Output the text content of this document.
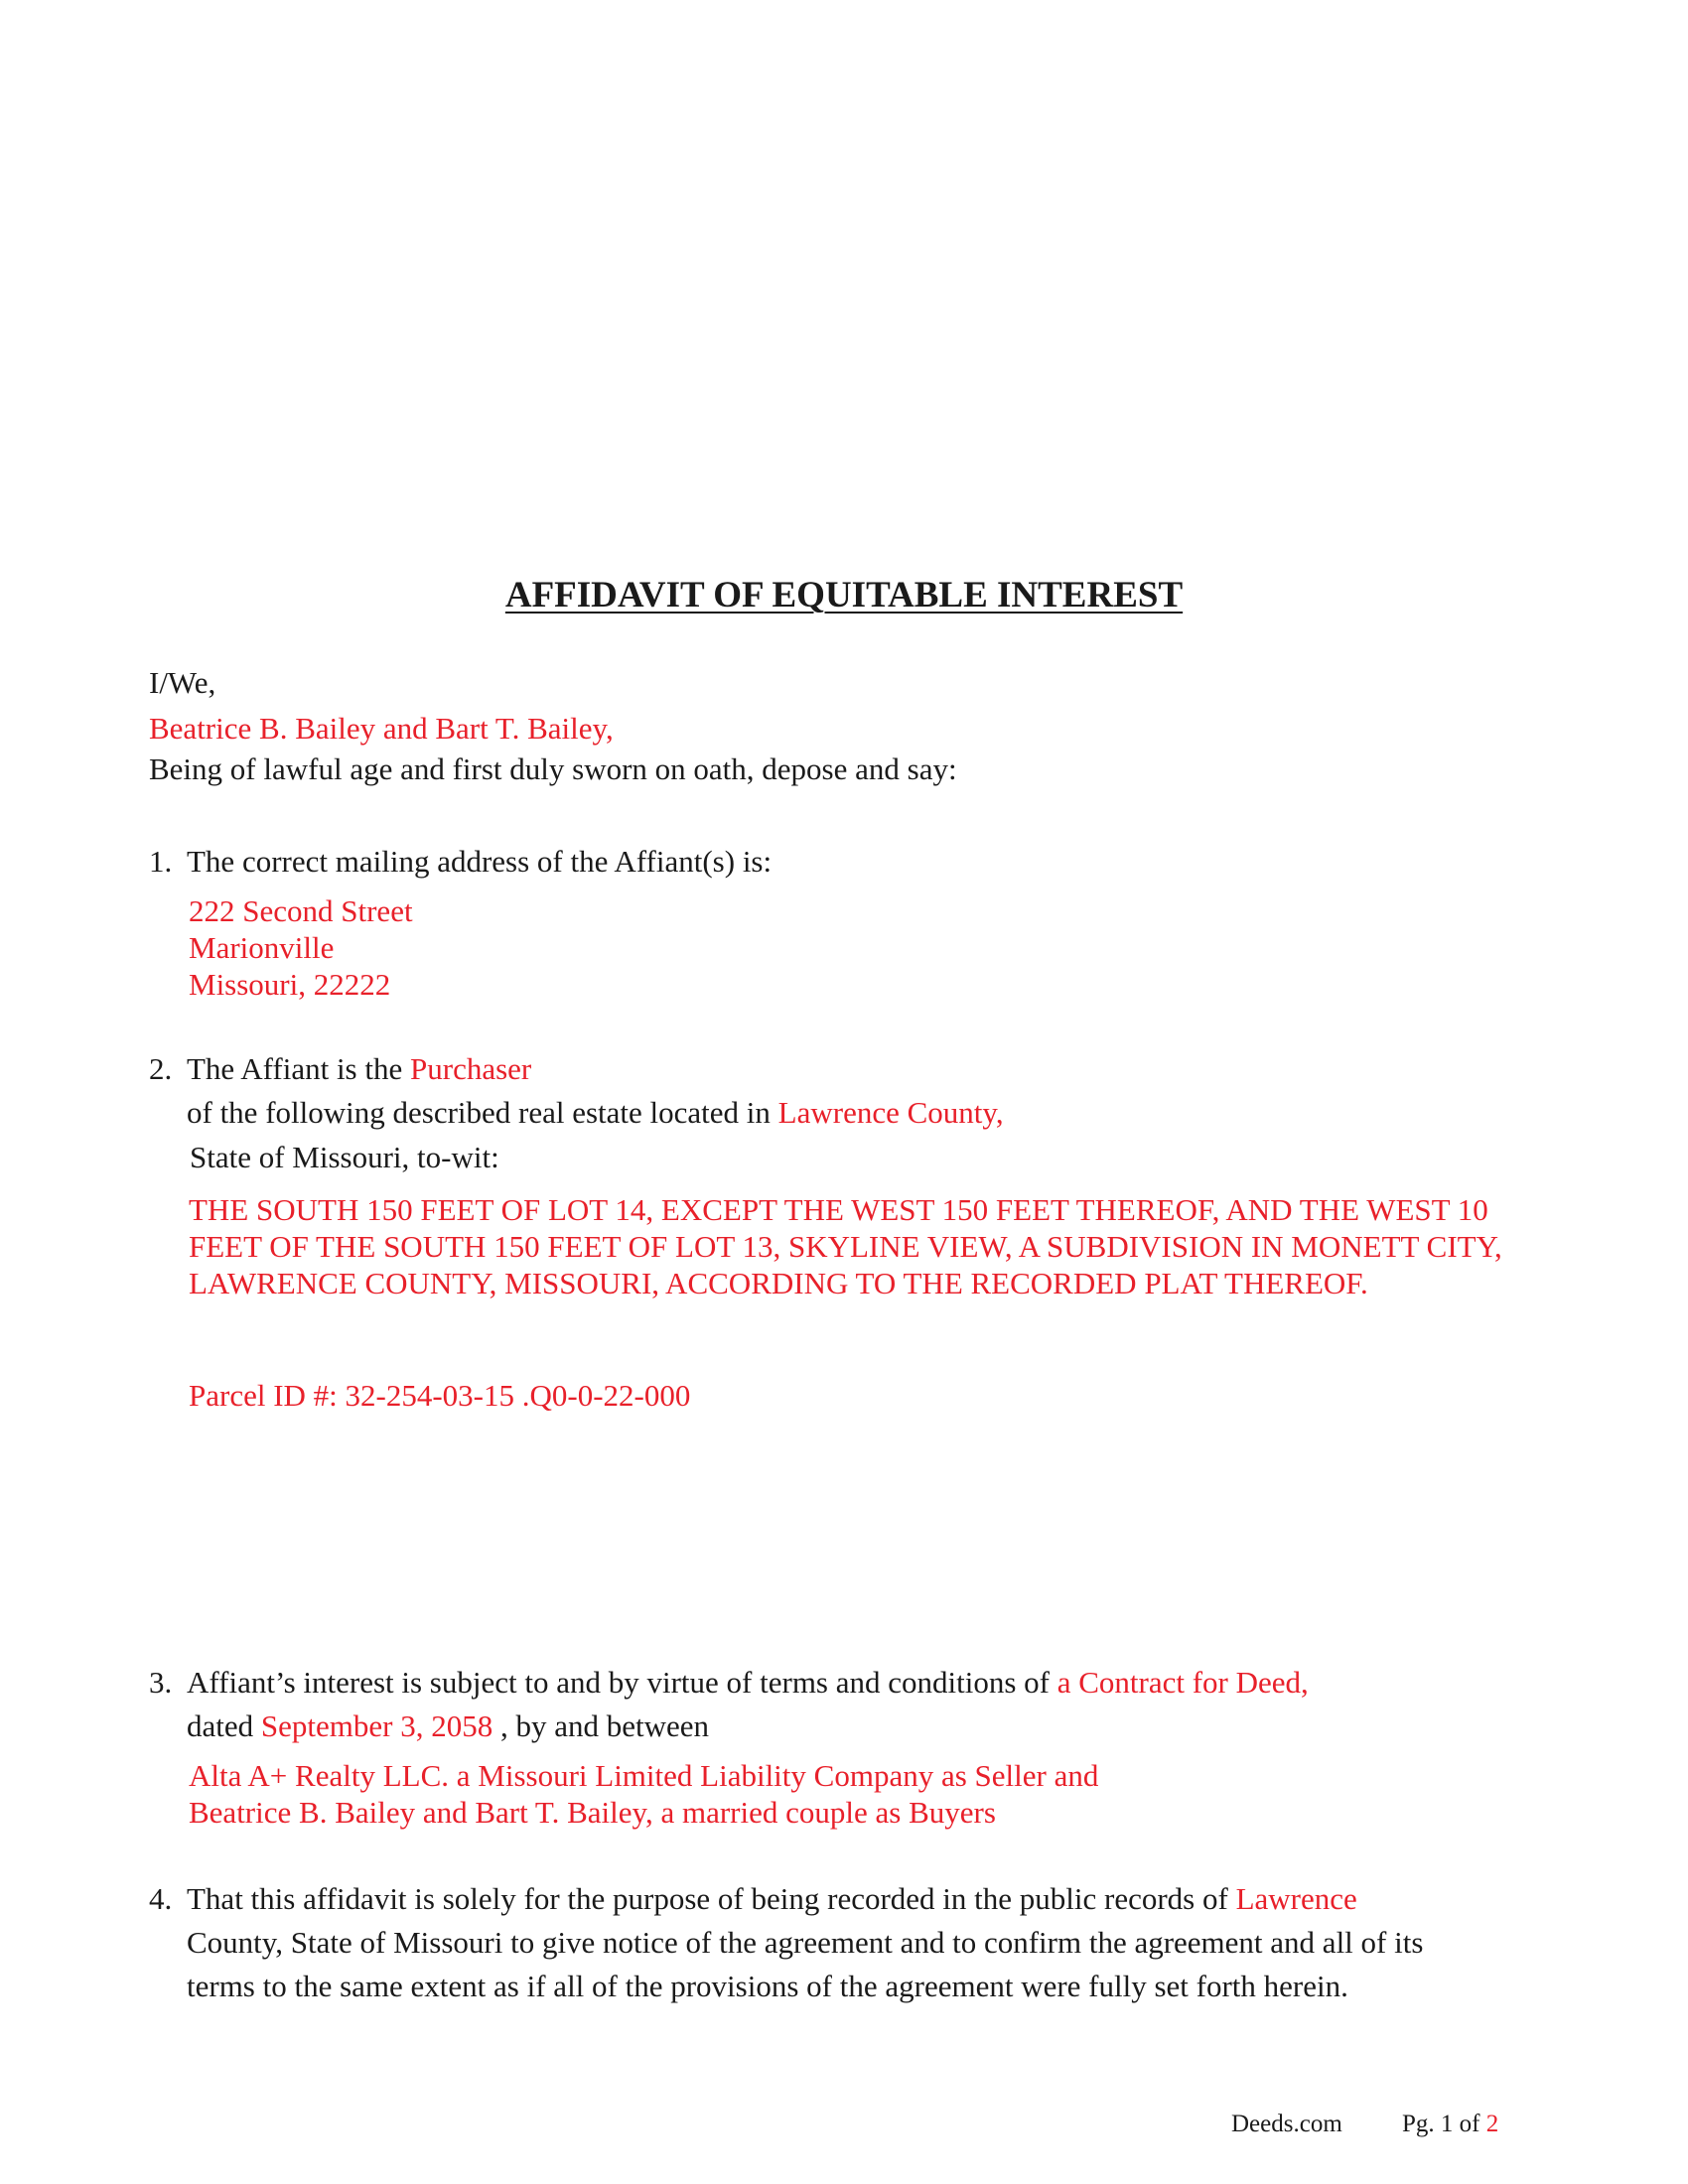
AFFIDAVIT OF EQUITABLE INTEREST
I/We,
Beatrice B. Bailey and Bart T. Bailey,
Being of lawful age and first duly sworn on oath, depose and say:
1. The correct mailing address of the Affiant(s) is:
222 Second Street
Marionville
Missouri, 22222
2. The Affiant is the Purchaser
of the following described real estate located in Lawrence County,
State of Missouri, to-wit:
THE SOUTH 150 FEET OF LOT 14, EXCEPT THE WEST 150 FEET THEREOF, AND THE WEST 10 FEET OF THE SOUTH 150 FEET OF LOT 13, SKYLINE VIEW, A SUBDIVISION IN MONETT CITY, LAWRENCE COUNTY, MISSOURI, ACCORDING TO THE RECORDED PLAT THEREOF.
Parcel ID #: 32-254-03-15 .Q0-0-22-000
3. Affiant’s interest is subject to and by virtue of terms and conditions of a Contract for Deed,
dated September 3, 2058 , by and between
Alta A+ Realty LLC. a Missouri Limited Liability Company as Seller and
Beatrice B. Bailey and Bart T. Bailey, a married couple as Buyers
4. That this affidavit is solely for the purpose of being recorded in the public records of Lawrence
County, State of Missouri to give notice of the agreement and to confirm the agreement and all of its
terms to the same extent as if all of the provisions of the agreement were fully set forth herein.
Deeds.com Pg. 1 of 2
